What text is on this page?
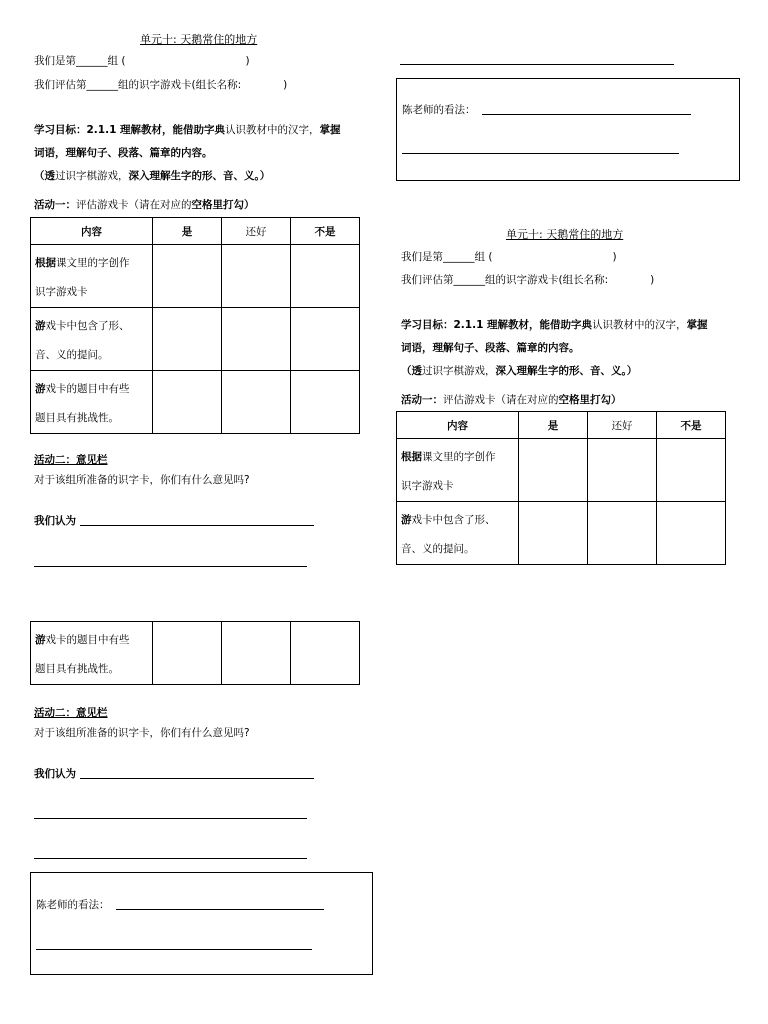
单元十: 天鹅常住的地方
我们是第______组 (	)
我们评估第______组的识字游戏卡(组长名称:	)
学习目标：2.1.1 理解教材，能借助字典认识教材中的汉字，掌握
词语，理解句子、段落、篇章的内容。
（透过识字棋游戏，深入理解生字的形、音、义。）
活动一：评估游戏卡（请在对应的空格里打勾）
内容	是	还好	不是

根据课文里的字创作
识字游戏卡			

游戏卡中包含了形、
音、义的提问。			

游戏卡的题目中有些
题目具有挑战性。			

活动二：意见栏
对于该组所准备的识字卡，你们有什么意见吗?
我们认为
游戏卡的题目中有些
题目具有挑战性。

活动二：意见栏
对于该组所准备的识字卡，你们有什么意见吗?
我们认为
陈老师的看法：
陈老师的看法：
单元十: 天鹅常住的地方
我们是第______组 (	)
我们评估第______组的识字游戏卡(组长名称:	)
学习目标：2.1.1 理解教材，能借助字典认识教材中的汉字，掌握
词语，理解句子、段落、篇章的内容。
（透过识字棋游戏，深入理解生字的形、音、义。）
活动一：评估游戏卡（请在对应的空格里打勾）
内容	是	还好	不是

根据课文里的字创作
识字游戏卡			

游戏卡中包含了形、
音、义的提问。			
